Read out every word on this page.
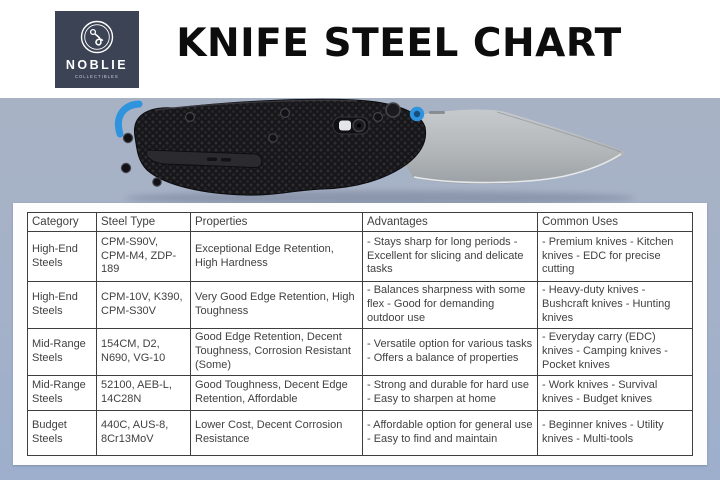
NOBLIE
COLLECTIBLES
KNIFE STEEL CHART
Category	Steel Type	Properties	Advantages	Common Uses
High-End Steels	CPM-S90V, CPM-M4, ZDP-189	Exceptional Edge Retention, High Hardness	- Stays sharp for long periods - Excellent for slicing and delicate tasks	- Premium knives - Kitchen knives - EDC for precise cutting
High-End Steels	CPM-10V, K390, CPM-S30V	Very Good Edge Retention, High Toughness	- Balances sharpness with some flex - Good for demanding outdoor use	- Heavy-duty knives - Bushcraft knives - Hunting knives
Mid-Range Steels	154CM, D2, N690, VG-10	Good Edge Retention, Decent Toughness, Corrosion Resistant (Some)	- Versatile option for various tasks - Offers a balance of properties	- Everyday carry (EDC) knives - Camping knives - Pocket knives
Mid-Range Steels	52100, AEB-L, 14C28N	Good Toughness, Decent Edge Retention, Affordable	- Strong and durable for hard use - Easy to sharpen at home	- Work knives - Survival knives - Budget knives
Budget Steels	440C, AUS-8, 8Cr13MoV	Lower Cost, Decent Corrosion Resistance	- Affordable option for general use - Easy to find and maintain	- Beginner knives - Utility knives - Multi-tools
